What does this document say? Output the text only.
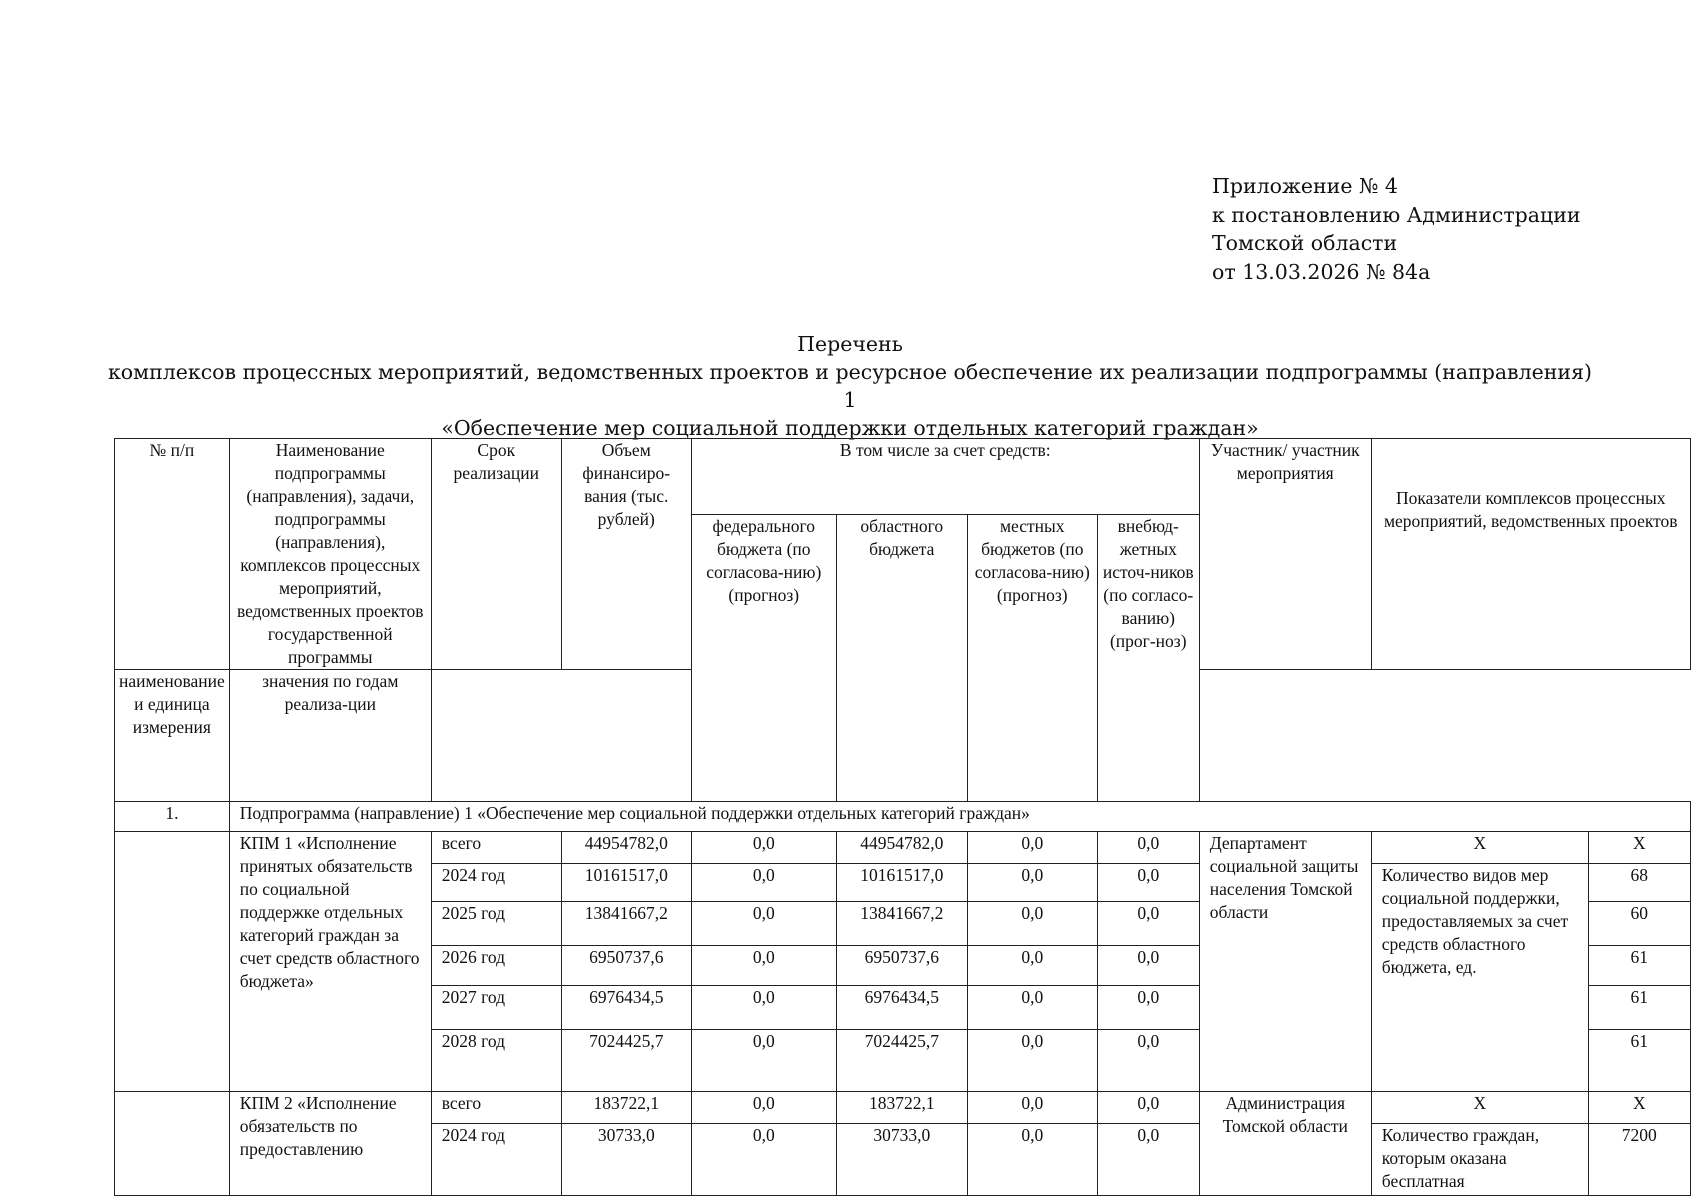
Приложение № 4
к постановлению Администрации
Томской области
от 13.03.2026 № 84а
Перечень
комплексов процессных мероприятий, ведомственных проектов и ресурсное обеспечение их реализации подпрограммы (направления) 1
«Обеспечение мер социальной поддержки отдельных категорий граждан»
№ п/п	Наименование подпрограммы (направления), задачи, подпрограммы (направления), комплексов процессных мероприятий, ведомственных проектов государственной программы	Срок реализации	Объем финансиро-вания (тыс. рублей)	В том числе за счет средств:				Участник/ участник мероприятия	Показатели комплексов процессных мероприятий, ведомственных проектов	
				федерального бюджета (по согласова-нию) (прогноз)	областного бюджета	местных бюджетов (по согласова-нию) (прогноз)	внебюд-жетных источ-ников (по согласо-ванию) (прог-ноз)			
наименование и единица измерения	значения по годам реализа-ции									
1.	Подпрограмма (направление) 1 «Обеспечение мер социальной поддержки отдельных категорий граждан»									
	КПМ 1 «Исполнение принятых обязательств по социальной поддержке отдельных категорий граждан за счет средств областного бюджета»	всего	44954782,0	0,0	44954782,0	0,0	0,0	Департамент социальной защиты населения Томской области	Х	Х
		2024 год	10161517,0	0,0	10161517,0	0,0	0,0		Количество видов мер социальной поддержки, предоставляемых за счет средств областного бюджета, ед.	68
		2025 год	13841667,2	0,0	13841667,2	0,0	0,0			60
		2026 год	6950737,6	0,0	6950737,6	0,0	0,0			61
		2027 год	6976434,5	0,0	6976434,5	0,0	0,0			61
		2028 год	7024425,7	0,0	7024425,7	0,0	0,0			61
	КПМ 2 «Исполнение обязательств по предоставлению	всего	183722,1	0,0	183722,1	0,0	0,0	Администрация Томской области	Х	Х
		2024 год	30733,0	0,0	30733,0	0,0	0,0		Количество граждан, которым оказана бесплатная	7200
